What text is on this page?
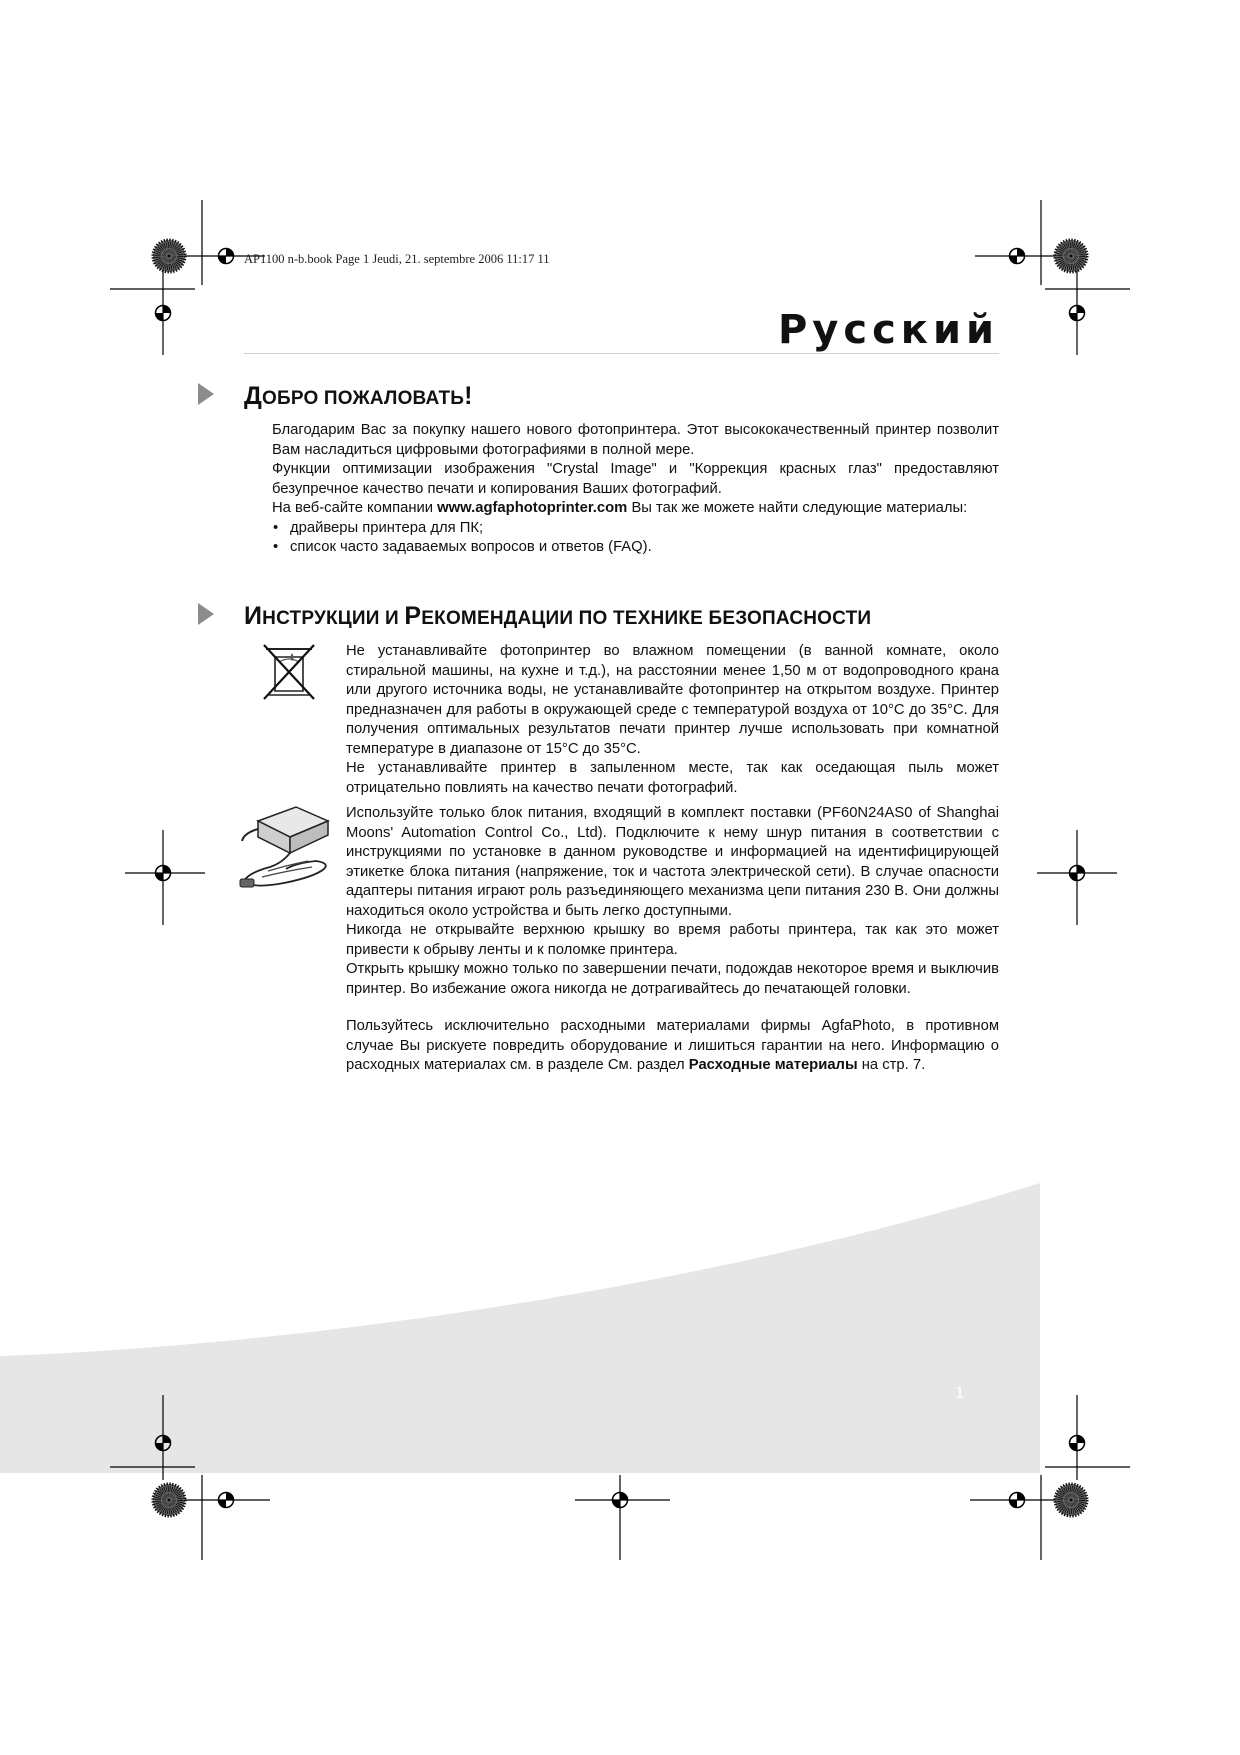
AP1100 n-b.book Page 1 Jeudi, 21. septembre 2006 11:17 11
Русский
ДОБРО ПОЖАЛОВАТЬ!

Благодарим Вас за покупку нашего нового фотопринтера. Этот высококачественный принтер позволит Вам насладиться цифровыми фотографиями в полной мере.

Функции оптимизации изображения "Crystal Image" и "Коррекция красных глаз" предоставляют безупречное качество печати и копирования Ваших фотографий.

На веб-сайте компании www.agfaphotoprinter.com Вы так же можете найти следующие материалы:

• драйверы принтера для ПК;
• список часто задаваемых вопросов и ответов (FAQ).
ИНСТРУКЦИИ И РЕКОМЕНДАЦИИ ПО ТЕХНИКЕ БЕЗОПАСНОСТИ

Не устанавливайте фотопринтер во влажном помещении (в ванной комнате, около стиральной машины, на кухне и т.д.), на расстоянии менее 1,50 м от водопроводного крана или другого источника воды, не устанавливайте фотопринтер на открытом воздухе. Принтер предназначен для работы в окружающей среде с температурой воздуха от 10°C до 35°C. Для получения оптимальных результатов печати принтер лучше использовать при комнатной температуре в диапазоне от 15°C до 35°C.

Не устанавливайте принтер в запыленном месте, так как оседающая пыль может отрицательно повлиять на качество печати фотографий.

Используйте только блок питания, входящий в комплект поставки (PF60N24AS0 of Shanghai Moons' Automation Control Co., Ltd). Подключите к нему шнур питания в соответствии с инструкциями по установке в данном руководстве и информацией на идентифицирующей этикетке блока питания (напряжение, ток и частота электрической сети). В случае опасности адаптеры питания играют роль разъединяющего механизма цепи питания 230 В. Они должны находиться около устройства и быть легко доступными.

Никогда не открывайте верхнюю крышку во время работы принтера, так как это может привести к обрыву ленты и к поломке принтера.

Открыть крышку можно только по завершении печати, подождав некоторое время и выключив принтер. Во избежание ожога никогда не дотрагивайтесь до печатающей головки.

Пользуйтесь исключительно расходными материалами фирмы AgfaPhoto, в противном случае Вы рискуете повредить оборудование и лишиться гарантии на него. Информацию о расходных материалах см. в разделе См. раздел Расходные материалы на стр. 7.

1
